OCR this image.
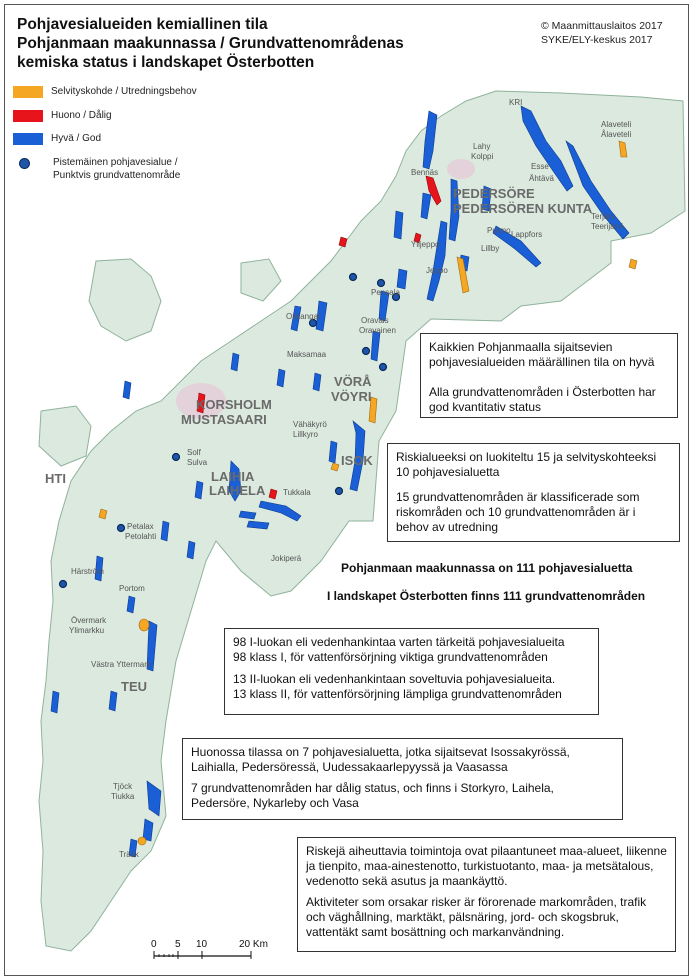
KRI
Alaveteli
Ålaveteli
Lahy
Kolppi
Esse
Ähtävä
Bennäs
PEDERSÖRE
PEDERSÖREN KUNTA
Terjärv
Teerijärvi
Purmo Lappfors
Lillby
Jeppo
Ylijeppo
Pensala
Oravais
Oravainen
Oxkangar
Maksamaa
VÖRÅ
VÖYRI
KORSHOLM
MUSTASAARI	Vähäkyrö
Lillkyro
ISOK
Solf
Sulva
LAIHIA
LAIHELA Tukkala
Petalax
Petolahti
Jokiperä
Härström
Portom
Övermark
Ylimarkku
Västra Yttermark
TEU
Tjöck
Tiukka
Träsk
HTI
0 5 10	20 Km
Pohjavesialueiden kemiallinen tila
Pohjanmaan maakunnassa / Grundvattenområdenas
kemiska status i landskapet Österbotten
© Maanmittauslaitos 2017
SYKE/ELY-keskus 2017
Selvityskohde / Utredningsbehov
Huono / Dålig
Hyvä / God
Pistemäinen pohjavesialue /
Punktvis grundvattenområde

Kaikkien Pohjanmaalla sijaitsevien pohjavesialueiden määrällinen tila on hyvä

Alla grundvattenområden i Österbotten har god kvantitativ status

Riskialueeksi on luokiteltu 15 ja selvityskohteeksi 10 pohjavesialuetta

15 grundvattenområden är klassificerade som riskområden och 10 grundvattenområden är i behov av utredning

Pohjanmaan maakunnassa on 111 pohjavesialuetta
I landskapet Österbotten finns 111 grundvattenområden

98 I-luokan eli vedenhankintaa varten tärkeitä pohjavesialueita

98 klass I, för vattenförsörjning viktiga grundvattenområden

13 II-luokan eli vedenhankintaan soveltuvia pohjavesialueita.

13 klass II, för vattenförsörjning lämpliga grundvattenområden

Huonossa tilassa on 7 pohjavesialuetta, jotka sijaitsevat Isossakyrössä, Laihialla, Pedersöressä, Uudessakaarlepyyssä ja Vaasassa

7 grundvattenområden har dålig status, och finns i Storkyro, Laihela, Pedersöre, Nykarleby och Vasa

Riskejä aiheuttavia toimintoja ovat pilaantuneet maa-alueet, liikenne ja tienpito, maa-ainestenotto, turkistuotanto, maa- ja metsätalous, vedenotto sekä asutus ja maankäyttö.

Aktiviteter som orsakar risker är förorenade markområden, trafik och väghållning, marktäkt, pälsnäring, jord- och skogsbruk, vattentäkt samt bosättning och markanvändning.
